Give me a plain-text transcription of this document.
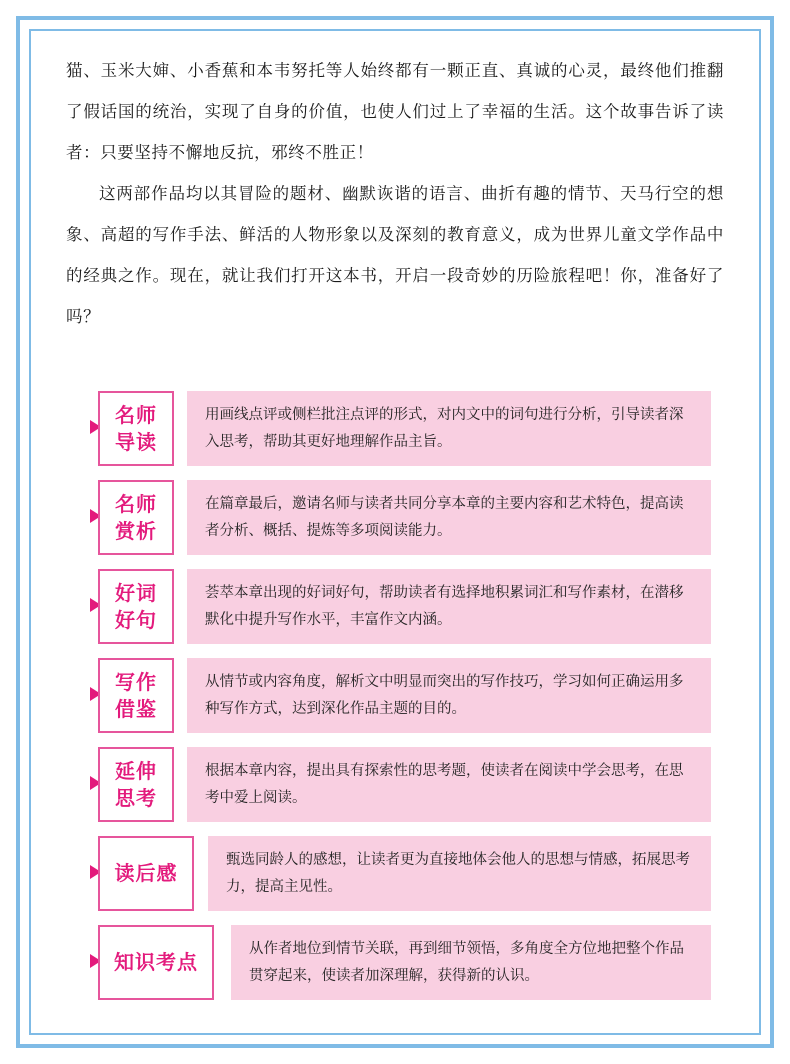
猫、玉米大婶、小香蕉和本韦努托等人始终都有一颗正直、真诚的心灵，最终他们推翻了假话国的统治，实现了自身的价值，也使人们过上了幸福的生活。这个故事告诉了读者：只要坚持不懈地反抗，邪终不胜正！

这两部作品均以其冒险的题材、幽默诙谐的语言、曲折有趣的情节、天马行空的想象、高超的写作手法、鲜活的人物形象以及深刻的教育意义，成为世界儿童文学作品中的经典之作。现在，就让我们打开这本书，开启一段奇妙的历险旅程吧！你，准备好了吗？

名师导读
用画线点评或侧栏批注点评的形式，对内文中的词句进行分析，引导读者深入思考，帮助其更好地理解作品主旨。
名师赏析
在篇章最后，邀请名师与读者共同分享本章的主要内容和艺术特色，提高读者分析、概括、提炼等多项阅读能力。
好词好句
荟萃本章出现的好词好句，帮助读者有选择地积累词汇和写作素材，在潜移默化中提升写作水平，丰富作文内涵。
写作借鉴
从情节或内容角度，解析文中明显而突出的写作技巧，学习如何正确运用多种写作方式，达到深化作品主题的目的。
延伸思考
根据本章内容，提出具有探索性的思考题，使读者在阅读中学会思考，在思考中爱上阅读。
读后感
甄选同龄人的感想，让读者更为直接地体会他人的思想与情感，拓展思考力，提高主见性。
知识考点
从作者地位到情节关联，再到细节领悟，多角度全方位地把整个作品贯穿起来，使读者加深理解，获得新的认识。
